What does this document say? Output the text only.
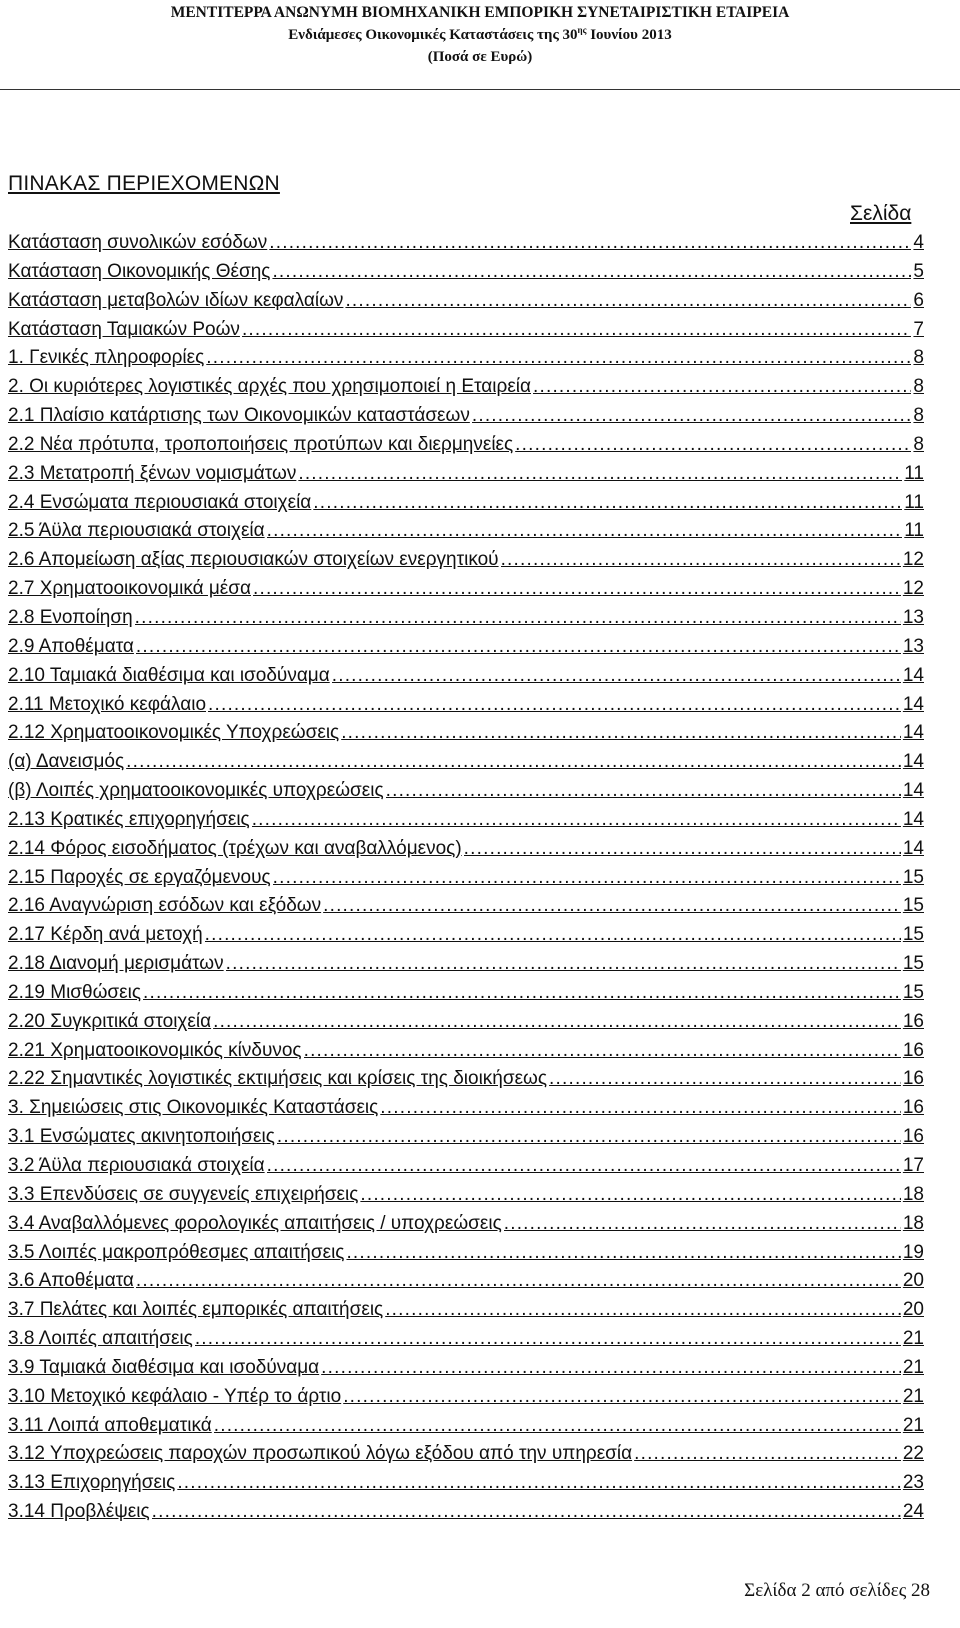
ΜΕΝΤΙΤΕΡΡΑ ΑΝΩΝΥΜΗ ΒΙΟΜΗΧΑΝΙΚΗ ΕΜΠΟΡΙΚΗ ΣΥΝΕΤΑΙΡΙΣΤΙΚΗ ΕΤΑΙΡΕΙΑ
Ενδιάμεσες Οικονομικές Καταστάσεις της $30^{\eta\varsigma}$ Ιουνίου 2013
(Ποσά σε Ευρώ)
ΠΙΝΑΚΑΣ ΠΕΡΙΕΧΟΜΕΝΩΝ
Σελίδα
Κατάσταση συνολικών εσόδων .....	4
Κατάσταση Οικονομικής Θέσης .....	5
Κατάσταση μεταβολών ιδίων κεφαλαίων .....	6
Κατάσταση Ταμιακών Ροών .....	7
1. Γενικές πληροφορίες .....	8
2. Οι κυριότερες λογιστικές αρχές που χρησιμοποιεί η Εταιρεία .....	8
2.1 Πλαίσιο κατάρτισης των Οικονομικών καταστάσεων .....	8
2.2 Νέα πρότυπα, τροποποιήσεις προτύπων και διερμηνείες .....	8
2.3 Μετατροπή ξένων νομισμάτων .....	11
2.4 Ενσώματα περιουσιακά στοιχεία .....	11
2.5 Άϋλα περιουσιακά στοιχεία .....	11
2.6 Απομείωση αξίας περιουσιακών στοιχείων ενεργητικού .....	12
2.7 Χρηματοοικονομικά μέσα .....	12
2.8 Ενοποίηση .....	13
2.9 Αποθέματα .....	13
2.10 Ταμιακά διαθέσιμα και ισοδύναμα .....	14
2.11 Μετοχικό κεφάλαιο .....	14
2.12 Χρηματοοικονομικές Υποχρεώσεις .....	14
(α) Δανεισμός .....	14
(β) Λοιπές χρηματοοικονομικές υποχρεώσεις .....	14
2.13 Κρατικές επιχορηγήσεις .....	14
2.14 Φόρος εισοδήματος (τρέχων και αναβαλλόμενος) .....	14
2.15 Παροχές σε εργαζόμενους .....	15
2.16 Αναγνώριση εσόδων και εξόδων .....	15
2.17 Κέρδη ανά μετοχή .....	15
2.18 Διανομή μερισμάτων .....	15
2.19 Μισθώσεις .....	15
2.20 Συγκριτικά στοιχεία .....	16
2.21 Χρηματοοικονομικός κίνδυνος .....	16
2.22 Σημαντικές λογιστικές εκτιμήσεις και κρίσεις της διοικήσεως .....	16
3. Σημειώσεις στις Οικονομικές Καταστάσεις .....	16
3.1 Ενσώματες ακινητοποιήσεις .....	16
3.2 Άϋλα περιουσιακά στοιχεία .....	17
3.3 Επενδύσεις σε συγγενείς επιχειρήσεις .....	18
3.4 Αναβαλλόμενες φορολογικές απαιτήσεις / υποχρεώσεις .....	18
3.5 Λοιπές μακροπρόθεσμες απαιτήσεις .....	19
3.6 Αποθέματα .....	20
3.7 Πελάτες και λοιπές εμπορικές απαιτήσεις .....	20
3.8 Λοιπές απαιτήσεις .....	21
3.9 Ταμιακά διαθέσιμα και ισοδύναμα .....	21
3.10 Μετοχικό κεφάλαιο - Υπέρ το άρτιο .....	21
3.11 Λοιπά αποθεματικά .....	21
3.12 Υποχρεώσεις παροχών προσωπικού λόγω εξόδου από την υπηρεσία .....	22
3.13 Επιχορηγήσεις .....	23
3.14 Προβλέψεις .....	24
Σελίδα 2 από σελίδες 28
